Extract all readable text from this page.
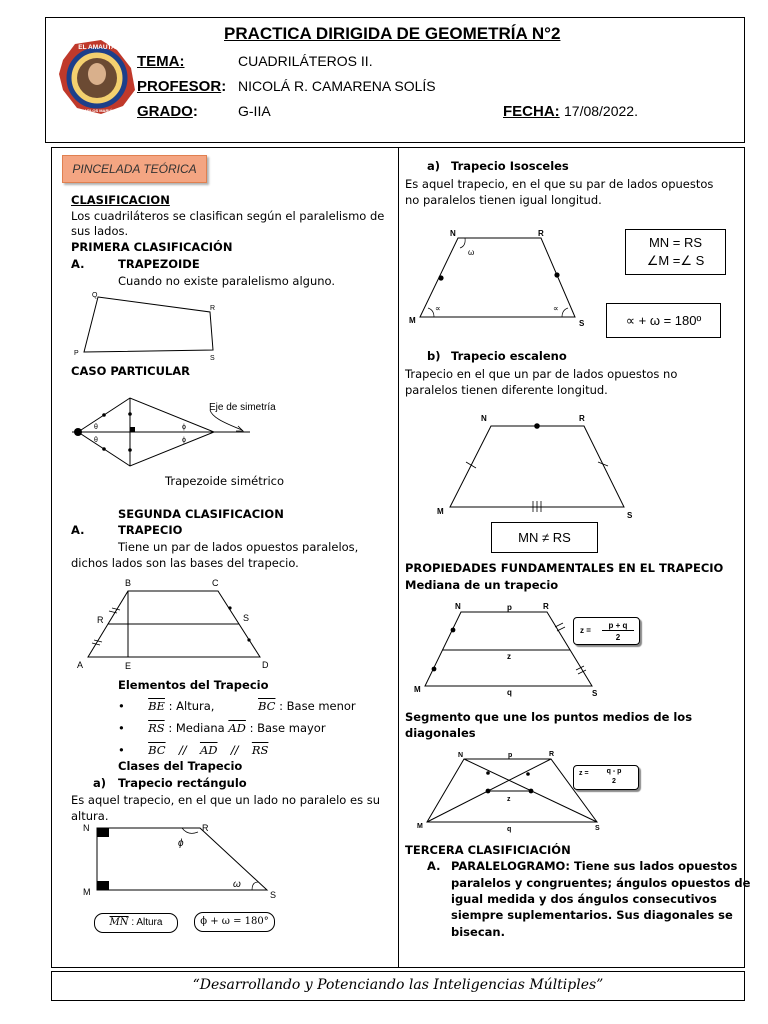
EL AMAUTA
JOSÉ CARLOS MARIÁTEGUI
PRACTICA DIRIGIDA DE GEOMETRÍA N°2
TEMA:	CUADRILÁTEROS II.
PROFESOR: NICOLÁ R. CAMARENA SOLÍS
GRADO:	G-IIA	FECHA: 17/08/2022.
PINCELADA TEÓRICA
CLASIFICACION
Los cuadriláteros se clasifican según el paralelismo de
sus lados.
PRIMERA CLASIFICACIÓN
A.	TRAPEZOIDE
Cuando no existe paralelismo alguno.
Q
R
P
S
CASO PARTICULAR
θ
θ
ϕ
ϕ
Eje de simetría
Trapezoide simétrico
SEGUNDA CLASIFICACION
A.	TRAPECIO
Tiene un par de lados opuestos paralelos,
dichos lados son las bases del trapecio.
B	C
R	S
A	E	D
Elementos del Trapecio
• $\overline{BE}$ : Altura,	$\overline{BC}$ : Base menor
• $\overline{RS}$ : Mediana $\overline{AD}$ : Base mayor
• $\overline{BC} // \overline{AD} // \overline{RS}$
Clases del Trapecio
a) Trapecio rectángulo
Es aquel trapecio, en el que un lado no paralelo es su
altura.
N	R
M	S
ϕ
ω
$\overline{MN}$ : Altura	ϕ + ω = 180°
a) Trapecio Isosceles
Es aquel trapecio, en el que su par de lados opuestos
no paralelos tienen igual longitud.
N	R
M	S
ω
∝	∝
MN = RS
∠M =∠ S
∝ + ω = 180º
b) Trapecio escaleno
Trapecio en el que un par de lados opuestos no
paralelos tienen diferente longitud.
N	R
M	S
MN ≠ RS
PROPIEDADES FUNDAMENTALES EN EL TRAPECIO
Mediana de un trapecio
N	p	R
z
M	q	S
z =
p + q
2
Segmento que une los puntos medios de los
diagonales
N	p	R
z
M	q	S
z =	q - p
2
TERCERA CLASIFICIACIÓN
A. PARALELOGRAMO: Tiene sus lados opuestos
paralelos y congruentes; ángulos opuestos de
igual medida y dos ángulos consecutivos
siempre suplementarios. Sus diagonales se
bisecan.
“Desarrollando y Potenciando las Inteligencias Múltiples”
